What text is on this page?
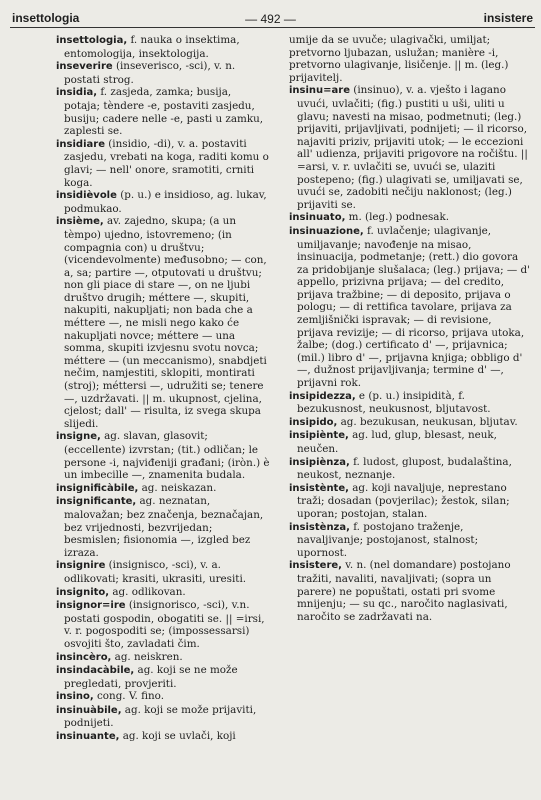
insettologia	— 492 —	insistere

insettologia, f. nauka o insektima, entomologija, insektologija.

inseverire (inseverisco, -sci), v. n. postati strog.

insidia, f. zasjeda, zamka; busija, potaja; tèndere -e, postaviti zasjedu, busiju; cadere nelle -e, pasti u zamku, zaplesti se.

insidiare (insidio, -di), v. a. postaviti zasjedu, vrebati na koga, raditi komu o glavi; — nell' onore, sramotiti, crniti koga.

insidièvole (p. u.) e insidioso, ag. lukav, podmukao.

insième, av. zajedno, skupa; (a un tèmpo) ujedno, istovremeno; (in compagnia con) u društvu; (vicendevolmente) međusobno; — con, a, sa; partire —, otputovati u društvu; non gli piace di stare —, on ne ljubi društvo drugih; méttere —, skupiti, nakupiti, nakupljati; non bada che a méttere —, ne misli nego kako će nakupljati novce; méttere — una somma, skupiti izvjesnu svotu novca; méttere — (un meccanismo), snabdjeti nečim, namjestiti, sklopiti, montirati (stroj); méttersi —, udružiti se; tenere —, uzdržavati. || m. ukupnost, cjelina, cjelost; dall' — risulta, iz svega skupa slijedi.

insigne, ag. slavan, glasovit; (eccellente) izvrstan; (tit.) odličan; le persone -i, najviđeniji građani; (iròn.) è un imbecille —, znamenita budala.

insignificàbile, ag. neiskazan.

insignificante, ag. neznatan, malovažan; bez značenja, beznačajan, bez vrijednosti, bezvrijedan; besmislen; fisionomia —, izgled bez izraza.

insignire (insignisco, -sci), v. a. odlikovati; krasiti, ukrasiti, uresiti.

insignito, ag. odlikovan.

insignor=ire (insignorisco, -sci), v.n. postati gospodin, obogatiti se. || =irsi, v. r. pogospoditi se; (impossessarsi) osvojiti što, zavladati čim.

insincèro, ag. neiskren.

insindacàbile, ag. koji se ne može pregledati, provjeriti.

insino, cong. V. fino.

insinuàbile, ag. koji se može prijaviti, podnijeti.

insinuante, ag. koji se uvlači, koji

umije da se uvuče; ulagivački, umiljat; pretvorno ljubazan, uslužan; manière -i, pretvorno ulagivanje, lisičenje. || m. (leg.) prijavitelj.

insinu=are (insinuo), v. a. vješto i lagano uvući, uvlačiti; (fig.) pustiti u uši, uliti u glavu; navesti na misao, podmetnuti; (leg.) prijaviti, prijavljivati, podnijeti; — il ricorso, najaviti priziv, prijaviti utok; — le eccezioni all' udienza, prijaviti prigovore na ročištu. || =arsi, v. r. uvlačiti se, uvući se, ulaziti postepeno; (fig.) ulagivati se, umiljavati se, uvući se, zadobiti nečiju naklonost; (leg.) prijaviti se.

insinuato, m. (leg.) podnesak.

insinuazione, f. uvlačenje; ulagivanje, umiljavanje; navođenje na misao, insinuacija, podmetanje; (rett.) dio govora za pridobijanje slušalaca; (leg.) prijava; — d' appello, prizivna prijava; — del credito, prijava tražbine; — di deposito, prijava o pologu; — di rettifica tavolare, prijava za zemljišnički ispravak; — di revisione, prijava revizije; — di ricorso, prijava utoka, žalbe; (dog.) certificato d' —, prijavnica; (mil.) libro d' —, prijavna knjiga; obbligo d' —, dužnost prijavljivanja; termine d' —, prijavni rok.

insipidezza, e (p. u.) insipidità, f. bezukusnost, neukusnost, bljutavost.

insipido, ag. bezukusan, neukusan, bljutav.

insipiènte, ag. lud, glup, blesast, neuk, neučen.

insipiènza, f. ludost, glupost, budalaština, neukost, neznanje.

insistènte, ag. koji navaljuje, neprestano traži; dosadan (povjerilac); žestok, silan; uporan; postojan, stalan.

insistènza, f. postojano traženje, navaljivanje; postojanost, stalnost; upornost.

insistere, v. n. (nel domandare) postojano tražiti, navaliti, navaljivati; (sopra un parere) ne popuštati, ostati pri svome mnijenju; — su qc., naročito naglasivati, naročito se zadržavati na.
